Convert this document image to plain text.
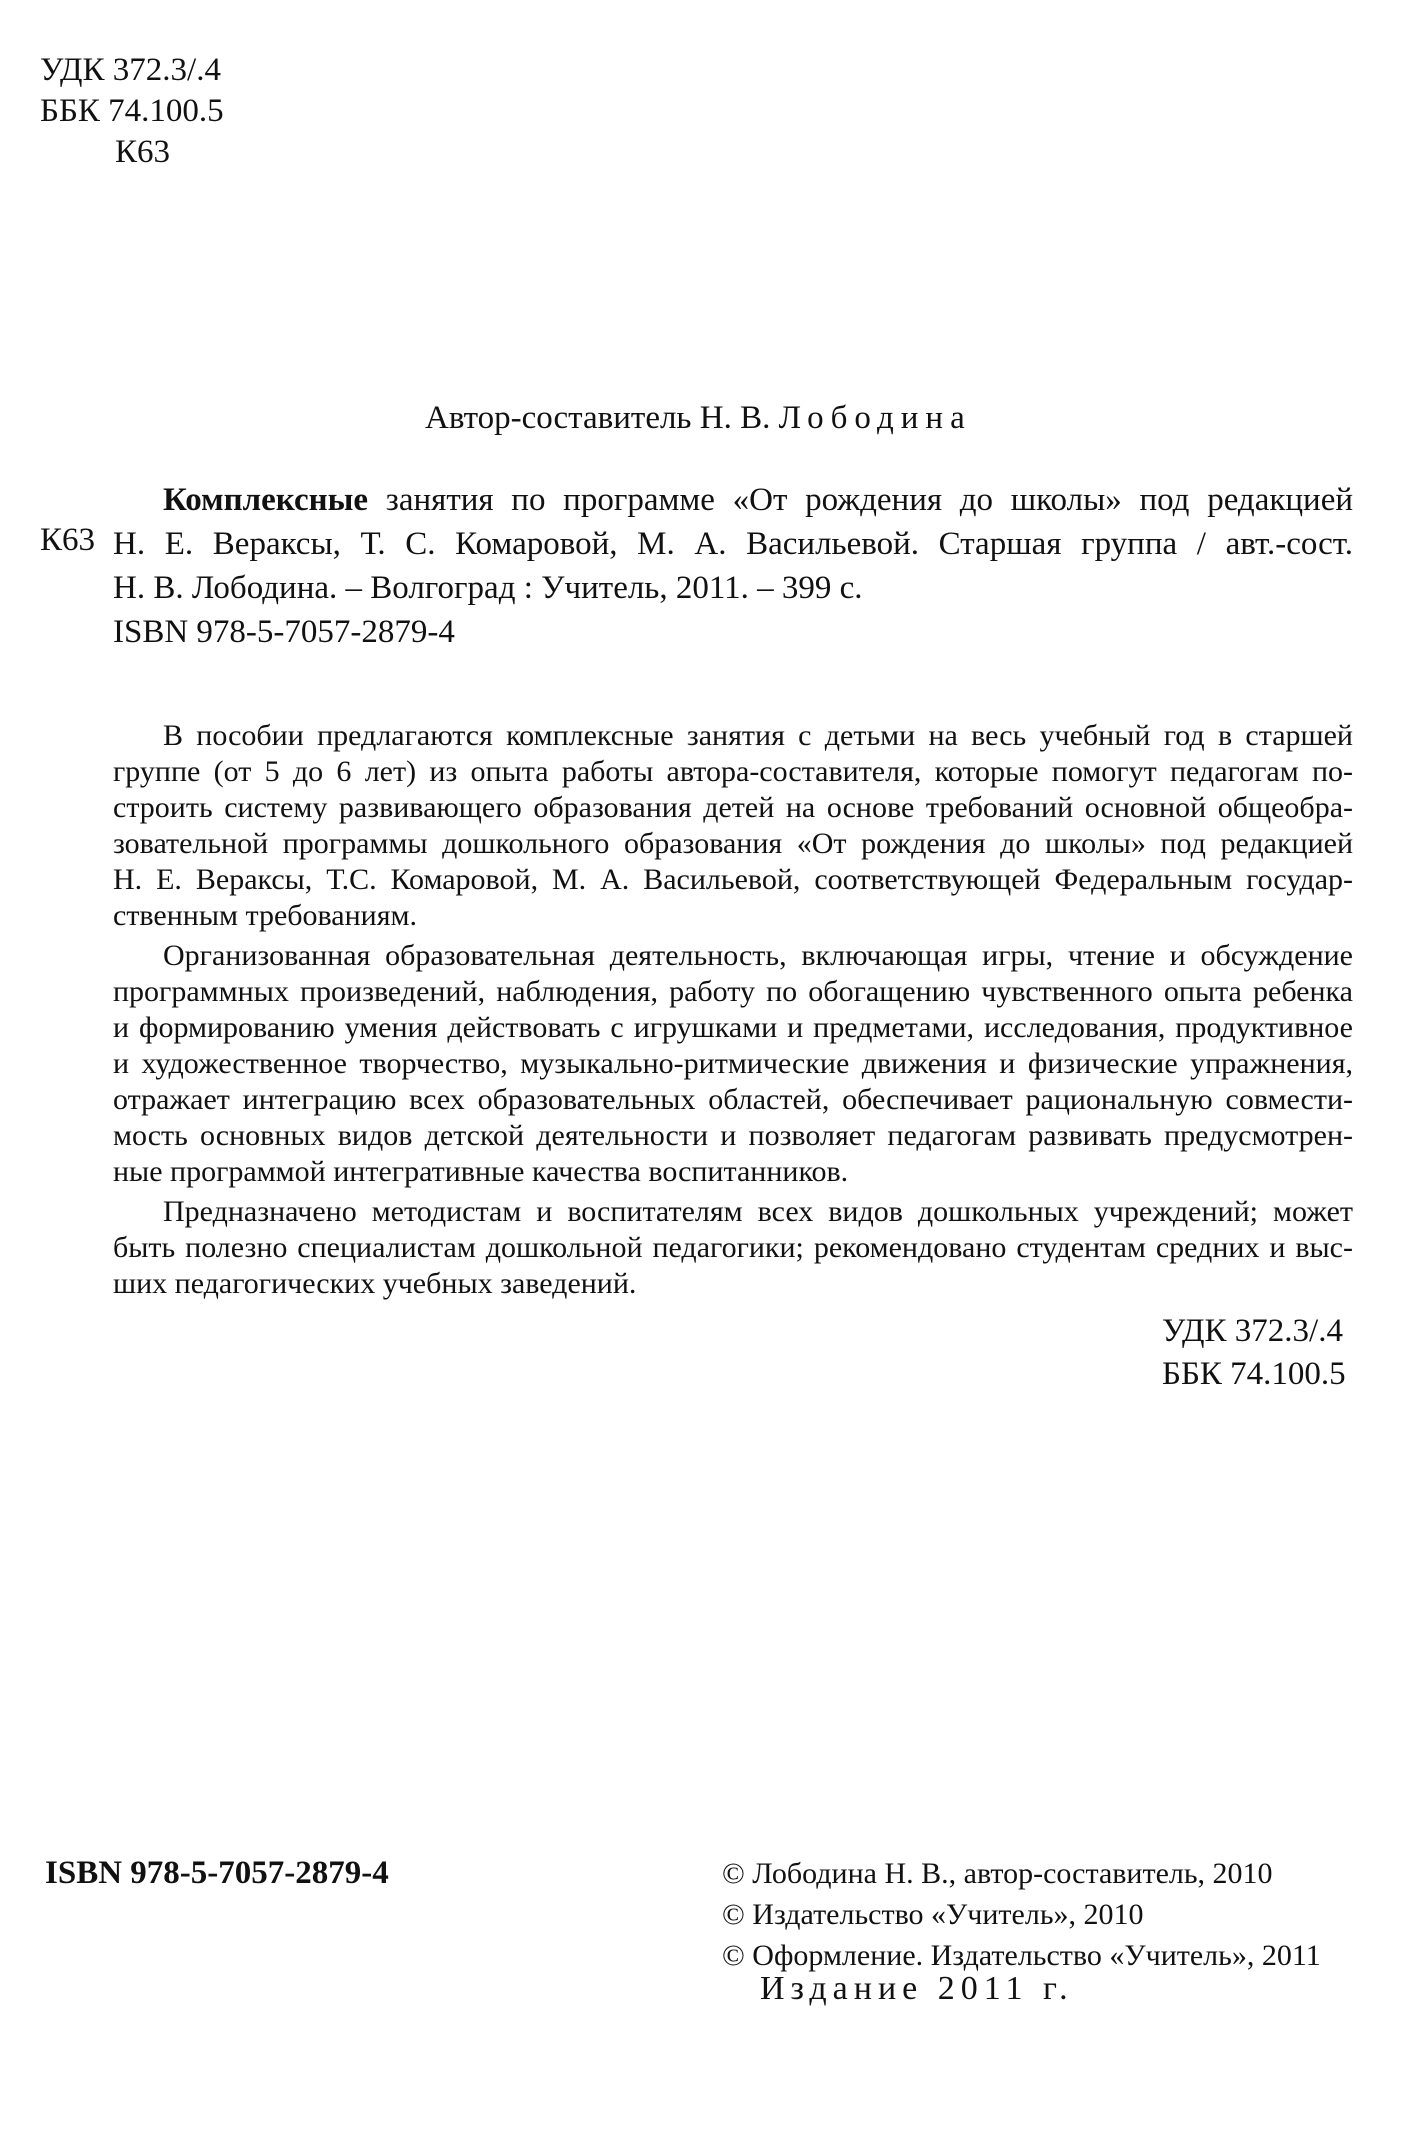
УДК 372.3/.4
ББК 74.100.5
К63
Автор-составитель Н. В. Лободина
К63
Комплексные занятия по программе «От рождения до школы» под редакцией
Н. Е. Вераксы, Т. С. Комаровой, М. А. Васильевой. Старшая группа / авт.-сост.
Н. В. Лободина. – Волгоград : Учитель, 2011. – 399 с.
ISBN 978-5-7057-2879-4
В пособии предлагаются комплексные занятия с детьми на весь учебный год в старшей
группе (от 5 до 6 лет) из опыта работы автора-составителя, которые помогут педагогам по-
строить систему развивающего образования детей на основе требований основной общеобра-
зовательной программы дошкольного образования «От рождения до школы» под редакцией
Н. Е. Вераксы, Т.С. Комаровой, М. А. Васильевой, соответствующей Федеральным государ-
ственным требованиям.
Организованная образовательная деятельность, включающая игры, чтение и обсуждение
программных произведений, наблюдения, работу по обогащению чувственного опыта ребенка
и формированию умения действовать с игрушками и предметами, исследования, продуктивное
и художественное творчество, музыкально-ритмические движения и физические упражнения,
отражает интеграцию всех образовательных областей, обеспечивает рациональную совмести-
мость основных видов детской деятельности и позволяет педагогам развивать предусмотрен-
ные программой интегративные качества воспитанников.
Предназначено методистам и воспитателям всех видов дошкольных учреждений; может
быть полезно специалистам дошкольной педагогики; рекомендовано студентам средних и выс-
ших педагогических учебных заведений.
УДК 372.3/.4
ББК 74.100.5
ISBN 978-5-7057-2879-4	© Лободина Н. В., автор-составитель, 2010
© Издательство «Учитель», 2010
© Оформление. Издательство «Учитель», 2011
Издание 2011 г.
